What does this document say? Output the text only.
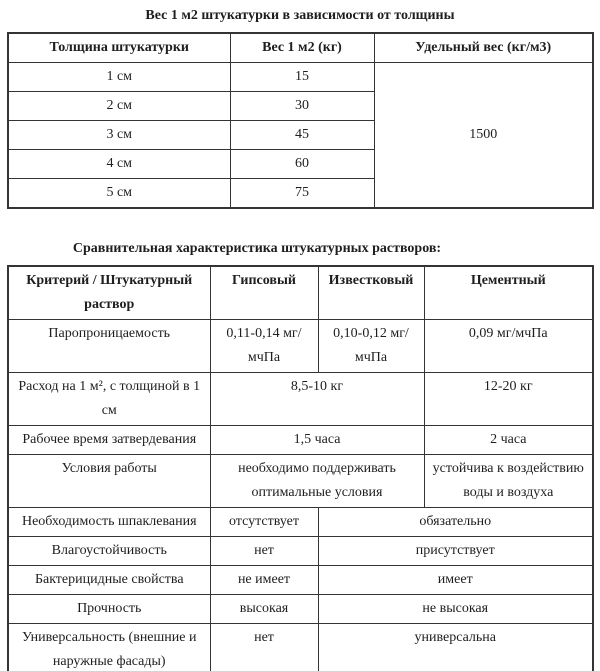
Вес 1 м2 штукатурки в зависимости от толщины
Толщина штукатурки	Вес 1 м2 (кг)	Удельный вес (кг/м3)
1 см	15	1500
2 см	30	
3 см	45	
4 см	60	
5 см	75	
Сравнительная характеристика штукатурных растворов:
Критерий / Штукатурный раствор	Гипсовый	Известковый	Цементный
Паропроницаемость	0,11-0,14 мг/ мчПа	0,10-0,12 мг/ мчПа	0,09 мг/мчПа
Расход на 1 м², с толщиной в 1 см	8,5-10 кг		12-20 кг
Рабочее время затвердевания	1,5 часа		2 часа
Условия работы	необходимо поддерживать оптимальные условия		устойчива к воздействию воды и воздуха
Необходимость шпаклевания	отсутствует	обязательно	
Влагоустойчивость	нет	присутствует	
Бактерицидные свойства	не имеет	имеет	
Прочность	высокая	не высокая	
Универсальность (внешние и наружные фасады)	нет	универсальна	
